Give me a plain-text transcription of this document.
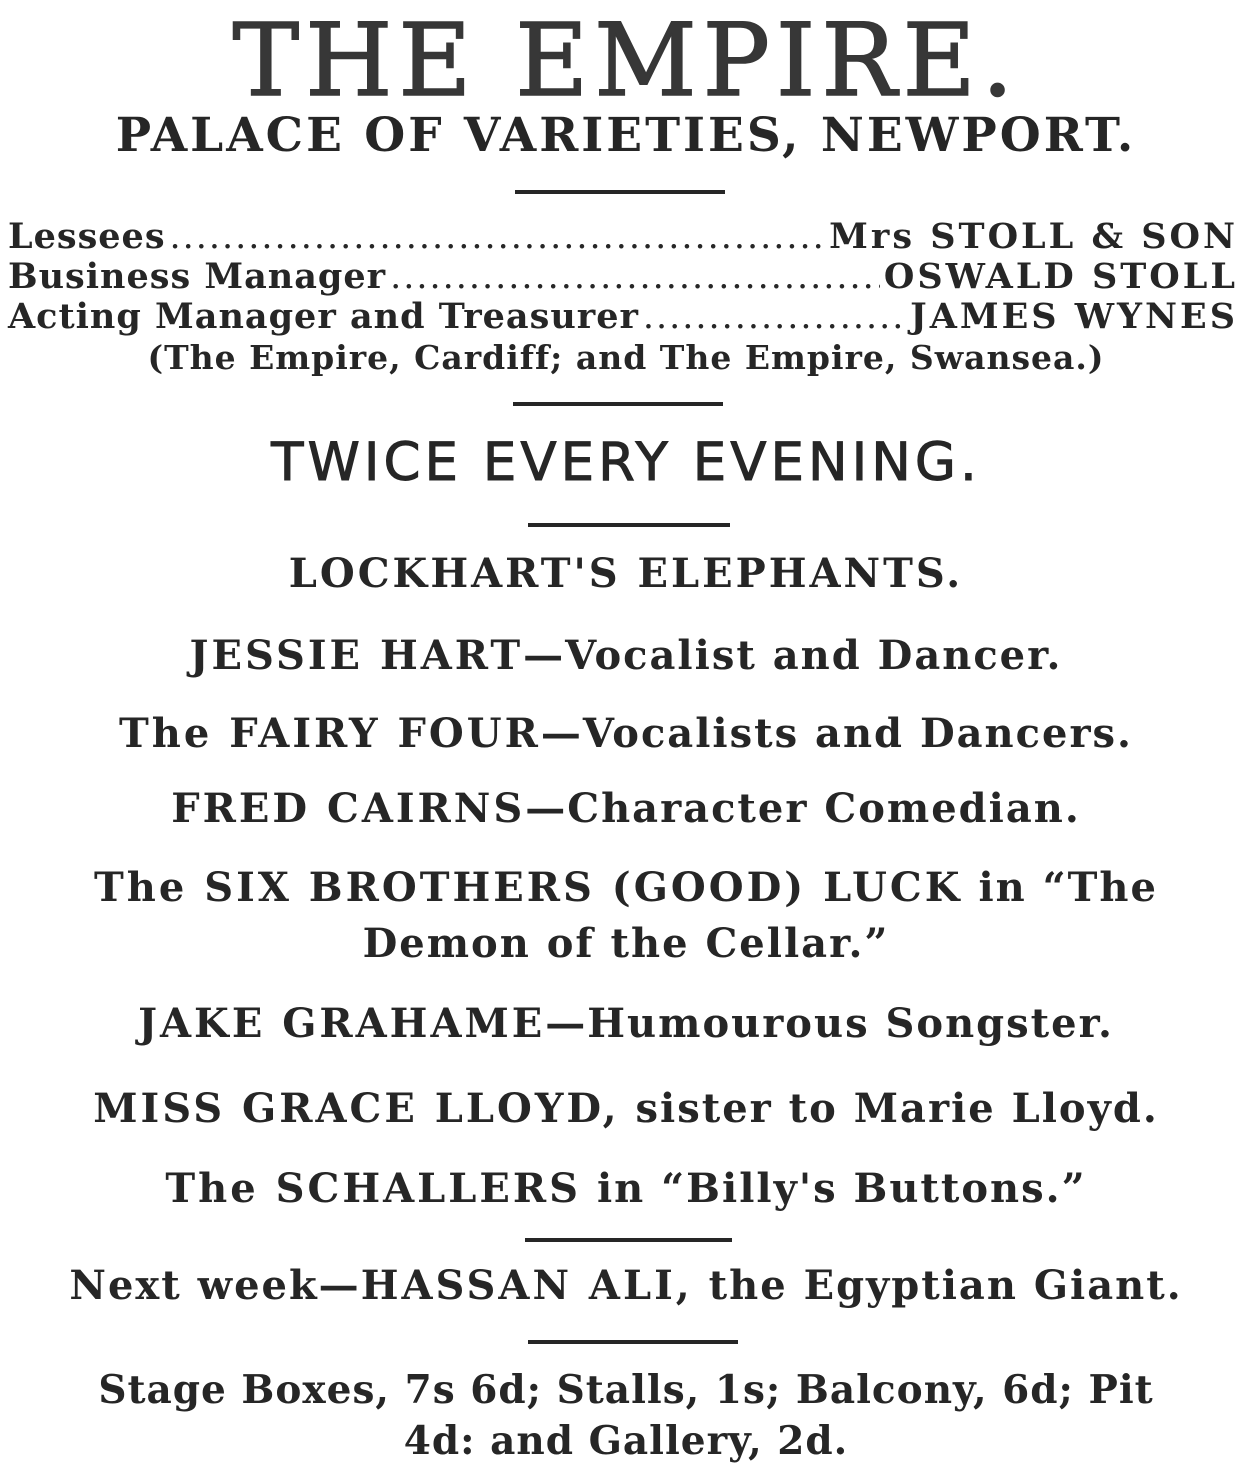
THE EMPIRE.
PALACE OF VARIETIES, NEWPORT.
Lessees .....	Mrs STOLL & SON
Business Manager .....	OSWALD STOLL
Acting Manager and Treasurer .....	JAMES WYNES
(The Empire, Cardiff; and The Empire, Swansea.)
TWICE EVERY EVENING.
LOCKHART'S ELEPHANTS.
JESSIE HART—Vocalist and Dancer.
The FAIRY FOUR—Vocalists and Dancers.
FRED CAIRNS—Character Comedian.
The SIX BROTHERS (GOOD) LUCK in “The
Demon of the Cellar.”
JAKE GRAHAME—Humourous Songster.
MISS GRACE LLOYD, sister to Marie Lloyd.
The SCHALLERS in “Billy's Buttons.”
Next week—HASSAN ALI, the Egyptian Giant.
Stage Boxes, 7s 6d; Stalls, 1s; Balcony, 6d; Pit
4d: and Gallery, 2d.
